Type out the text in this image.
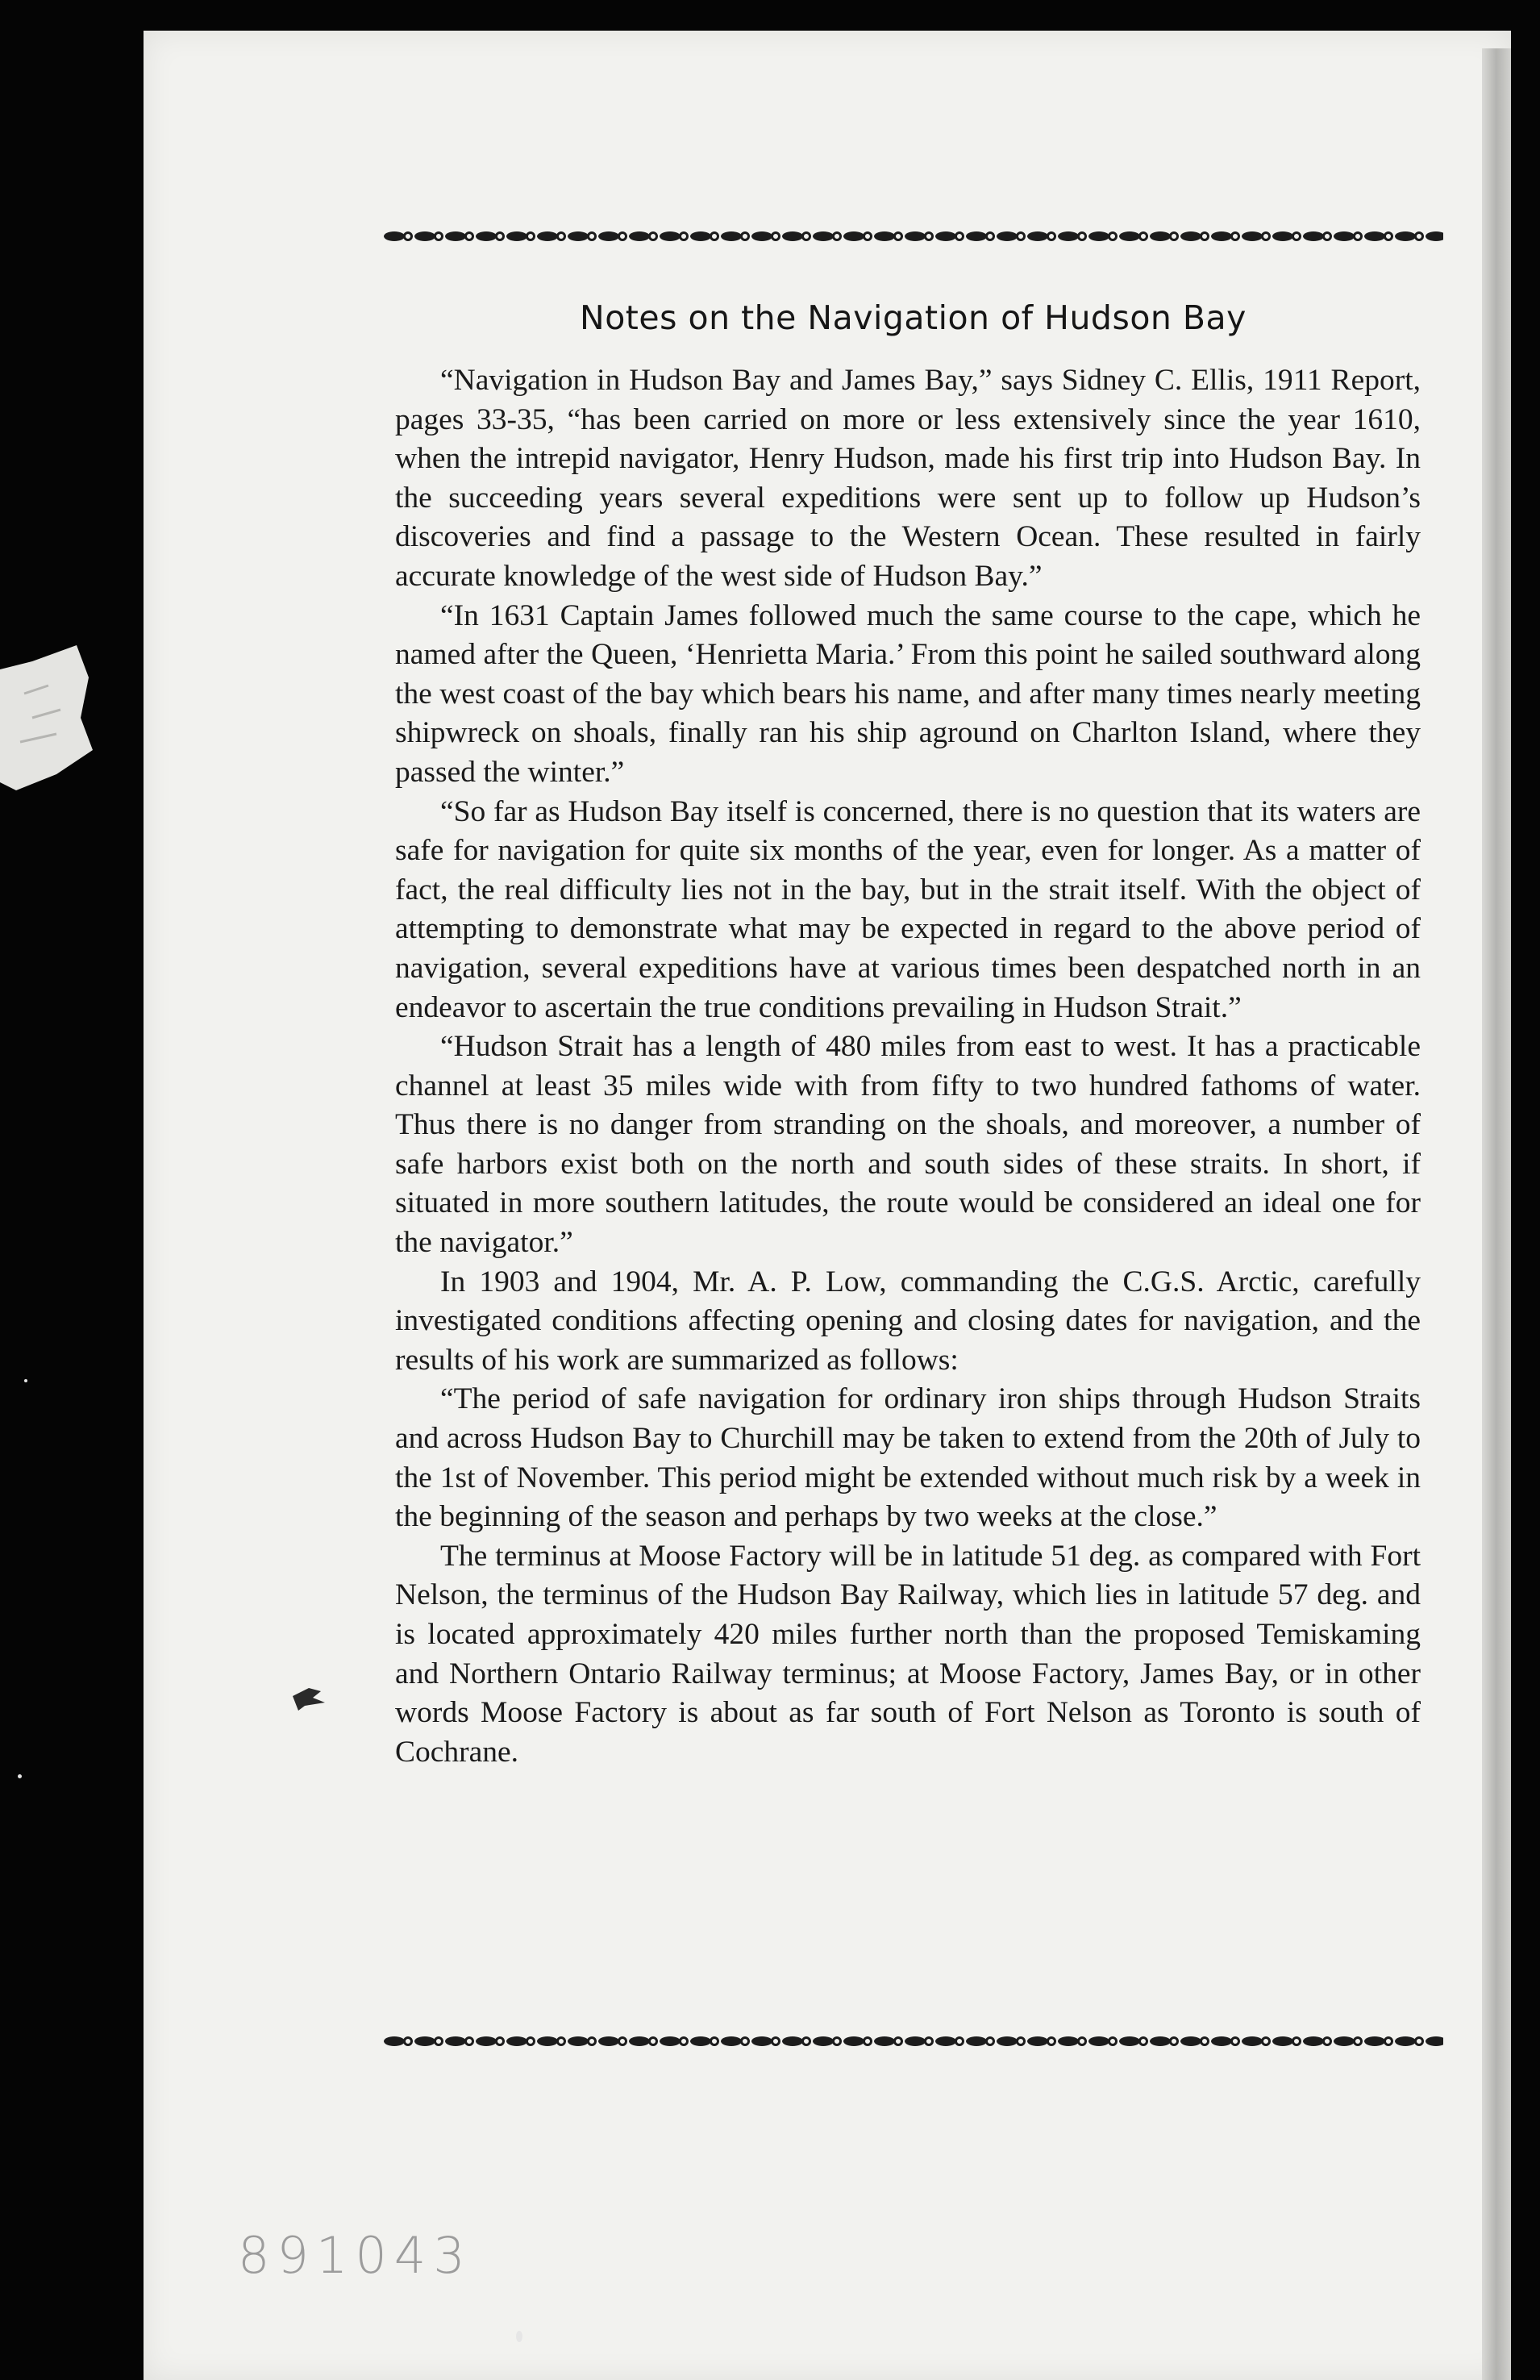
Notes on the Navigation of Hudson Bay

“Navigation in Hudson Bay and James Bay,” says Sidney C. Ellis, 1911 Report, pages 33-35, “has been carried on more or less extensively since the year 1610, when the intrepid navigator, Henry Hudson, made his first trip into Hudson Bay. In the succeeding years several expeditions were sent up to follow up Hudson’s discoveries and find a passage to the Western Ocean. These resulted in fairly accurate knowledge of the west side of Hudson Bay.”

“In 1631 Captain James followed much the same course to the cape, which he named after the Queen, ‘Henrietta Maria.’ From this point he sailed southward along the west coast of the bay which bears his name, and after many times nearly meeting shipwreck on shoals, finally ran his ship aground on Charlton Island, where they passed the winter.”

“So far as Hudson Bay itself is concerned, there is no question that its waters are safe for navigation for quite six months of the year, even for longer. As a matter of fact, the real difficulty lies not in the bay, but in the strait itself. With the object of attempting to demonstrate what may be expected in regard to the above period of navigation, several expeditions have at various times been despatched north in an endeavor to ascertain the true conditions prevailing in Hudson Strait.”

“Hudson Strait has a length of 480 miles from east to west. It has a practicable channel at least 35 miles wide with from fifty to two hundred fathoms of water. Thus there is no danger from stranding on the shoals, and moreover, a number of safe harbors exist both on the north and south sides of these straits. In short, if situated in more southern latitudes, the route would be considered an ideal one for the navigator.”

In 1903 and 1904, Mr. A. P. Low, commanding the C.G.S. Arctic, carefully investigated conditions affecting opening and closing dates for navigation, and the results of his work are summarized as follows:

“The period of safe navigation for ordinary iron ships through Hudson Straits and across Hudson Bay to Churchill may be taken to extend from the 20th of July to the 1st of November. This period might be extended without much risk by a week in the beginning of the season and perhaps by two weeks at the close.”

The terminus at Moose Factory will be in latitude 51 deg. as compared with Fort Nelson, the terminus of the Hudson Bay Railway, which lies in latitude 57 deg. and is located approximately 420 miles further north than the proposed Temiskaming and Northern Ontario Railway terminus; at Moose Factory, James Bay, or in other words Moose Factory is about as far south of Fort Nelson as Toronto is south of Cochrane.

891043
